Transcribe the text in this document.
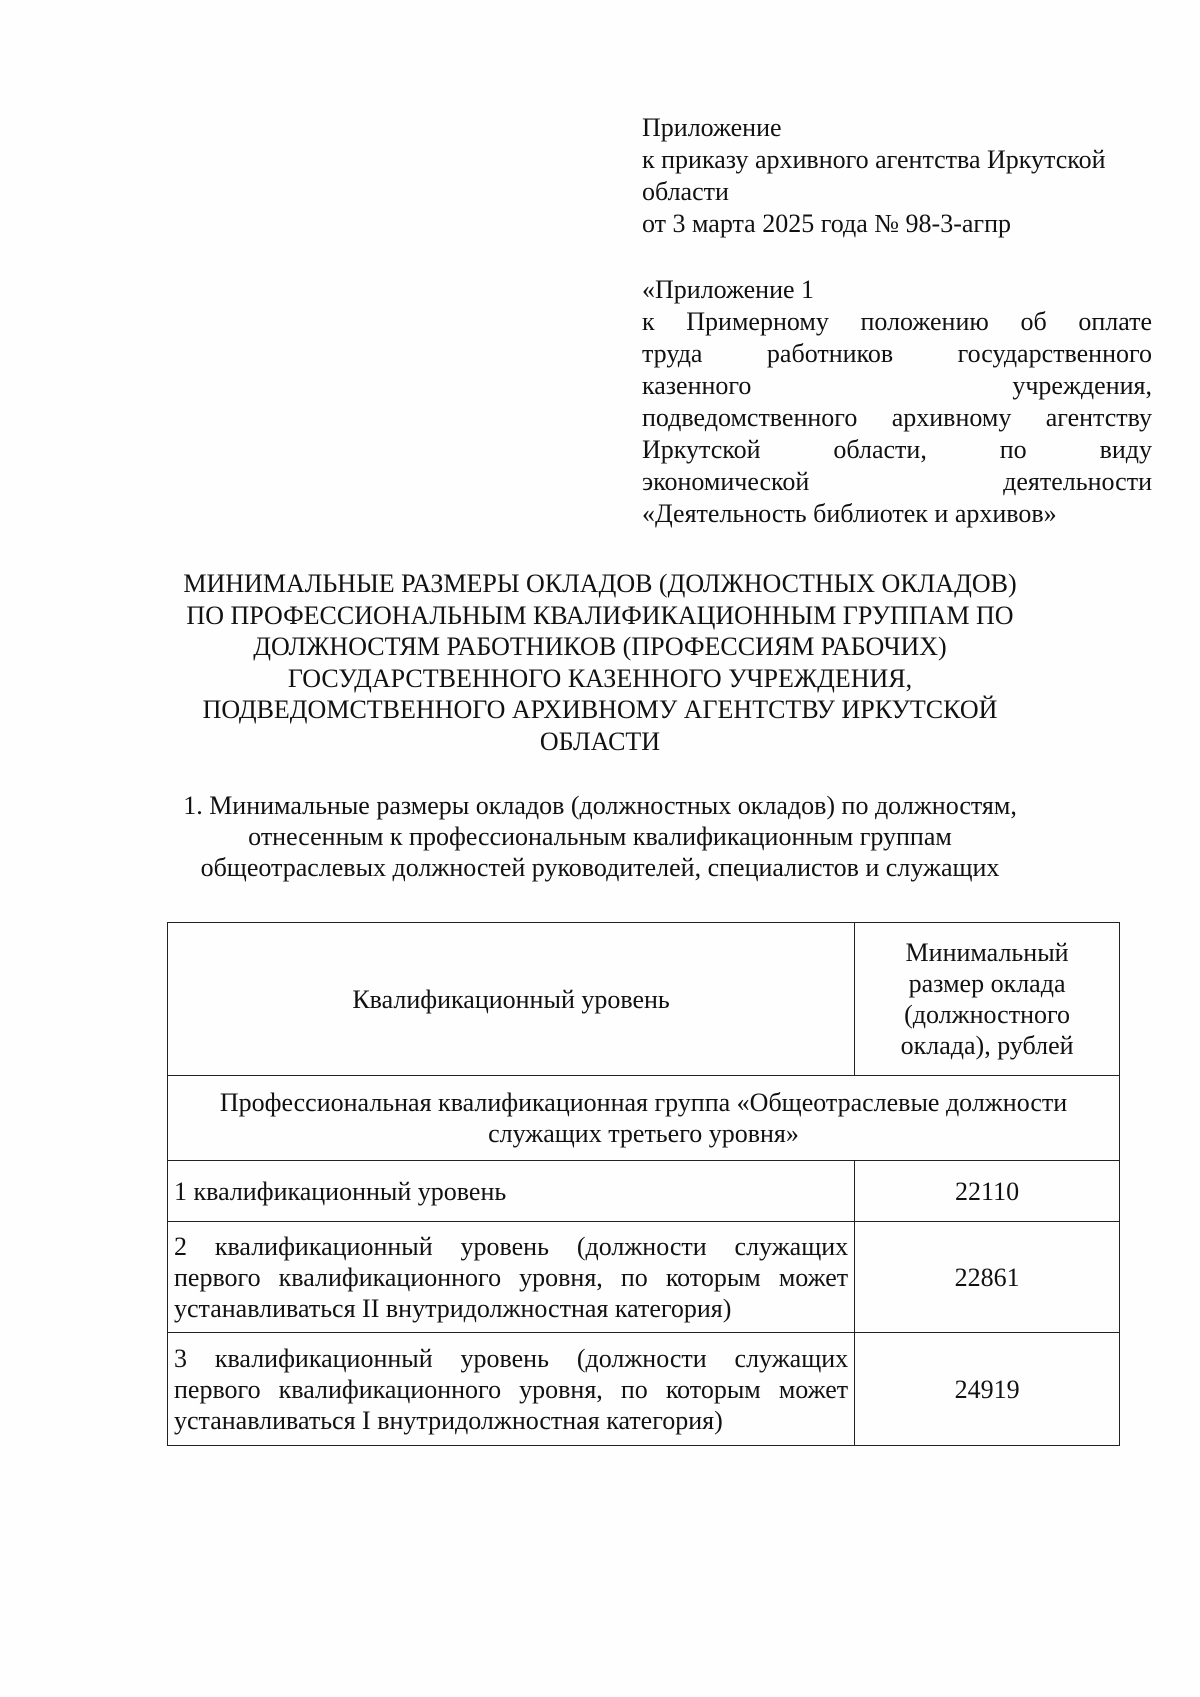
Приложение
к приказу архивного агентства Иркутской
области
от 3 марта 2025 года № 98-3-агпр
«Приложение 1
к Примерному положению об оплате
труда работников государственного
казенного учреждения,
подведомственного архивному агентству
Иркутской области, по виду
экономической деятельности
«Деятельность библиотек и архивов»
МИНИМАЛЬНЫЕ РАЗМЕРЫ ОКЛАДОВ (ДОЛЖНОСТНЫХ ОКЛАДОВ)
ПО ПРОФЕССИОНАЛЬНЫМ КВАЛИФИКАЦИОННЫМ ГРУППАМ ПО
ДОЛЖНОСТЯМ РАБОТНИКОВ (ПРОФЕССИЯМ РАБОЧИХ)
ГОСУДАРСТВЕННОГО КАЗЕННОГО УЧРЕЖДЕНИЯ,
ПОДВЕДОМСТВЕННОГО АРХИВНОМУ АГЕНТСТВУ ИРКУТСКОЙ
ОБЛАСТИ
1. Минимальные размеры окладов (должностных окладов) по должностям,
отнесенным к профессиональным квалификационным группам
общеотраслевых должностей руководителей, специалистов и служащих
Квалификационный уровень	Минимальный
размер оклада
(должностного
оклада), рублей

Профессиональная квалификационная группа «Общеотраслевые должности
служащих третьего уровня»	

1 квалификационный уровень	22110

2 квалификационный уровень (должности служащих
первого квалификационного уровня, по которым может
устанавливаться II внутридолжностная категория)	22861

3 квалификационный уровень (должности служащих
первого квалификационного уровня, по которым может
устанавливаться I внутридолжностная категория)	24919
